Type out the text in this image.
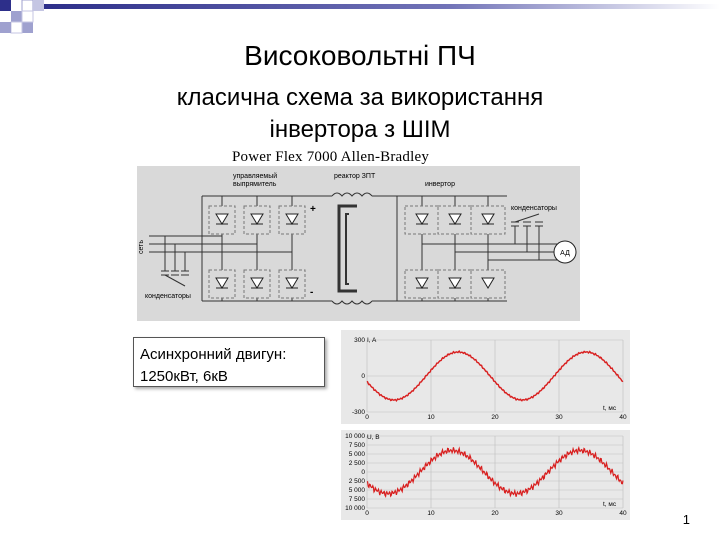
Високовольтні ПЧ
класична схема за використання
інвертора з ШІМ
Power Flex 7000 Allen-Bradley
АД
управляемый
выпрямитель
реактор ЗПТ
инвертор
конденсаторы
конденсаторы
сеть
+
-
Асинхронний двигун:
1250кВт, 6кВ
300
0
-300
0	10	20	30	40
I, A
t, мс
10 000
7 500
5 000
2 500
0
2 500
5 000
7 500
10 000
0	10	20	30	40
U, B
t, мс
1
